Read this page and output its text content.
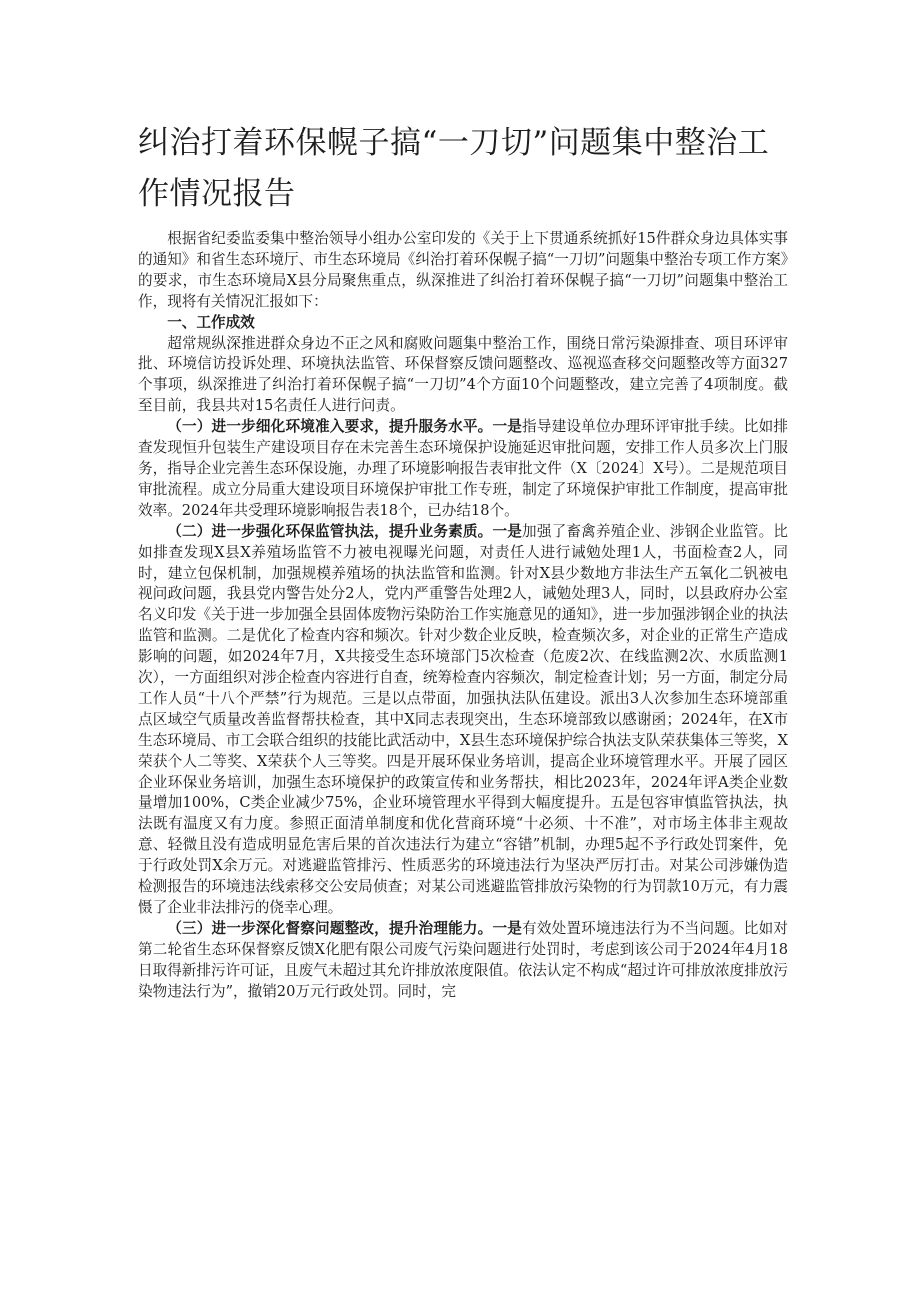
纠治打着环保幌子搞“一刀切”问题集中整治工作情况报告

根据省纪委监委集中整治领导小组办公室印发的《关于上下贯通系统抓好15件群众身边具体实事的通知》和省生态环境厅、市生态环境局《纠治打着环保幌子搞“一刀切”问题集中整治专项工作方案》的要求，市生态环境局X县分局聚焦重点，纵深推进了纠治打着环保幌子搞“一刀切”问题集中整治工作，现将有关情况汇报如下：

一、工作成效

超常规纵深推进群众身边不正之风和腐败问题集中整治工作，围绕日常污染源排查、项目环评审批、环境信访投诉处理、环境执法监管、环保督察反馈问题整改、巡视巡查移交问题整改等方面327个事项，纵深推进了纠治打着环保幌子搞“一刀切”4个方面10个问题整改，建立完善了4项制度。截至目前，我县共对15名责任人进行问责。

（一）进一步细化环境准入要求，提升服务水平。一是指导建设单位办理环评审批手续。比如排查发现恒升包装生产建设项目存在未完善生态环境保护设施延迟审批问题，安排工作人员多次上门服务，指导企业完善生态环保设施，办理了环境影响报告表审批文件（X〔2024〕X号）。二是规范项目审批流程。成立分局重大建设项目环境保护审批工作专班，制定了环境保护审批工作制度，提高审批效率。2024年共受理环境影响报告表18个，已办结18个。

（二）进一步强化环保监管执法，提升业务素质。一是加强了畜禽养殖企业、涉钢企业监管。比如排查发现X县X养殖场监管不力被电视曝光问题，对责任人进行诫勉处理1人，书面检查2人，同时，建立包保机制，加强规模养殖场的执法监管和监测。针对X县少数地方非法生产五氧化二钒被电视问政问题，我县党内警告处分2人，党内严重警告处理2人，诫勉处理3人，同时，以县政府办公室名义印发《关于进一步加强全县固体废物污染防治工作实施意见的通知》，进一步加强涉钢企业的执法监管和监测。二是优化了检查内容和频次。针对少数企业反映，检查频次多，对企业的正常生产造成影响的问题，如2024年7月，X共接受生态环境部门5次检查（危废2次、在线监测2次、水质监测1次），一方面组织对涉企检查内容进行自查，统筹检查内容频次，制定检查计划；另一方面，制定分局工作人员“十八个严禁”行为规范。三是以点带面，加强执法队伍建设。派出3人次参加生态环境部重点区域空气质量改善监督帮扶检查，其中X同志表现突出，生态环境部致以感谢函；2024年，在X市生态环境局、市工会联合组织的技能比武活动中，X县生态环境保护综合执法支队荣获集体三等奖，X荣获个人二等奖、X荣获个人三等奖。四是开展环保业务培训，提高企业环境管理水平。开展了园区企业环保业务培训，加强生态环境保护的政策宣传和业务帮扶，相比2023年，2024年评A类企业数量增加100%，C类企业减少75%，企业环境管理水平得到大幅度提升。五是包容审慎监管执法，执法既有温度又有力度。参照正面清单制度和优化营商环境“十必须、十不准”，对市场主体非主观故意、轻微且没有造成明显危害后果的首次违法行为建立“容错”机制，办理5起不予行政处罚案件，免于行政处罚X余万元。对逃避监管排污、性质恶劣的环境违法行为坚决严厉打击。对某公司涉嫌伪造检测报告的环境违法线索移交公安局侦查；对某公司逃避监管排放污染物的行为罚款10万元，有力震慑了企业非法排污的侥幸心理。

（三）进一步深化督察问题整改，提升治理能力。一是有效处置环境违法行为不当问题。比如对第二轮省生态环保督察反馈X化肥有限公司废气污染问题进行处罚时，考虑到该公司于2024年4月18日取得新排污许可证，且废气未超过其允许排放浓度限值。依法认定不构成“超过许可排放浓度排放污染物违法行为”，撤销20万元行政处罚。同时，完
